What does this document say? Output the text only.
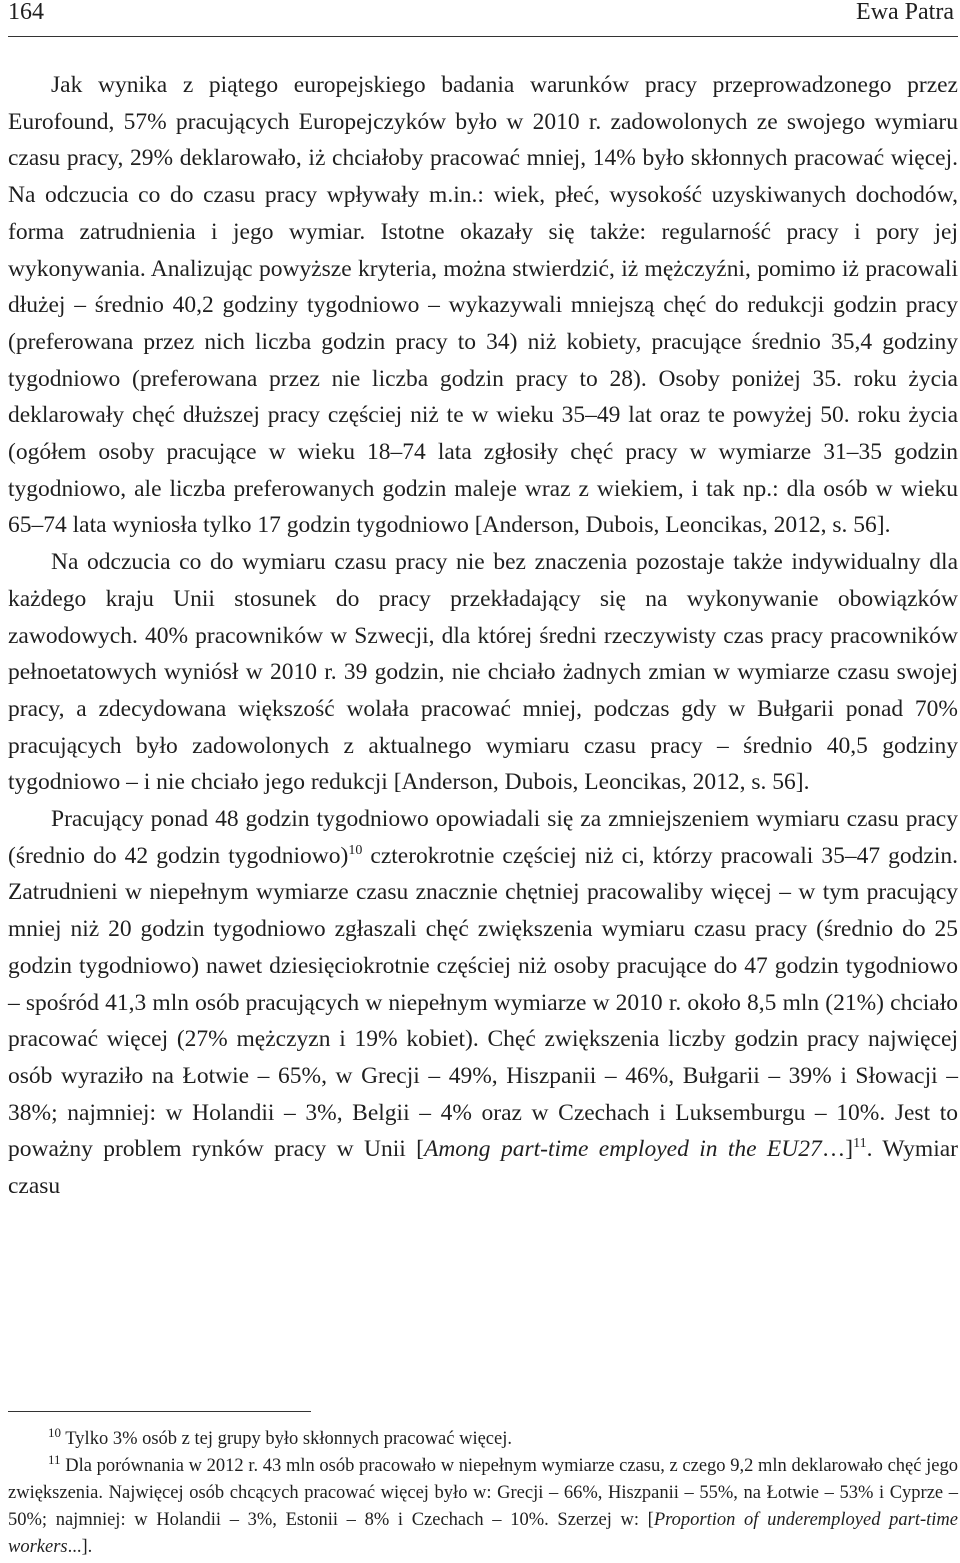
164	Ewa Patra

Jak wynika z piątego europejskiego badania warunków pracy przeprowadzonego przez Eurofound, 57% pracujących Europejczyków było w 2010 r. zadowolonych ze swojego wymiaru czasu pracy, 29% deklarowało, iż chciałoby pracować mniej, 14% było skłonnych pracować więcej. Na odczucia co do czasu pracy wpływały m.in.: wiek, płeć, wysokość uzyskiwanych dochodów, forma zatrudnienia i jego wymiar. Istotne okazały się także: regularność pracy i pory jej wykonywania. Analizując powyższe kryteria, można stwierdzić, iż mężczyźni, pomimo iż pracowali dłużej – średnio 40,2 godziny tygodniowo – wykazywali mniejszą chęć do redukcji godzin pracy (preferowana przez nich liczba godzin pracy to 34) niż kobiety, pracujące średnio 35,4 godziny tygodniowo (preferowana przez nie liczba godzin pracy to 28). Osoby poniżej 35. roku życia deklarowały chęć dłuższej pracy częściej niż te w wieku 35–49 lat oraz te powyżej 50. roku życia (ogółem osoby pracujące w wieku 18–74 lata zgłosiły chęć pracy w wymiarze 31–35 godzin tygodniowo, ale liczba preferowanych godzin maleje wraz z wiekiem, i tak np.: dla osób w wieku 65–74 lata wyniosła tylko 17 godzin tygodniowo [Anderson, Dubois, Leoncikas, 2012, s. 56].

Na odczucia co do wymiaru czasu pracy nie bez znaczenia pozostaje także indywidualny dla każdego kraju Unii stosunek do pracy przekładający się na wykonywanie obowiązków zawodowych. 40% pracowników w Szwecji, dla której średni rzeczywisty czas pracy pracowników pełnoetatowych wyniósł w 2010 r. 39 godzin, nie chciało żadnych zmian w wymiarze czasu swojej pracy, a zdecydowana większość wolała pracować mniej, podczas gdy w Bułgarii ponad 70% pracujących było zadowolonych z aktualnego wymiaru czasu pracy – średnio 40,5 godziny tygodniowo – i nie chciało jego redukcji [Anderson, Dubois, Leoncikas, 2012, s. 56].

Pracujący ponad 48 godzin tygodniowo opowiadali się za zmniejszeniem wymiaru czasu pracy (średnio do 42 godzin tygodniowo)$^{10}$ czterokrotnie częściej niż ci, którzy pracowali 35–47 godzin. Zatrudnieni w niepełnym wymiarze czasu znacznie chętniej pracowaliby więcej – w tym pracujący mniej niż 20 godzin tygodniowo zgłaszali chęć zwiększenia wymiaru czasu pracy (średnio do 25 godzin tygodniowo) nawet dziesięciokrotnie częściej niż osoby pracujące do 47 godzin tygodniowo – spośród 41,3 mln osób pracujących w niepełnym wymiarze w 2010 r. około 8,5 mln (21%) chciało pracować więcej (27% mężczyzn i 19% kobiet). Chęć zwiększenia liczby godzin pracy najwięcej osób wyraziło na Łotwie – 65%, w Grecji – 49%, Hiszpanii – 46%, Bułgarii – 39% i Słowacji – 38%; najmniej: w Holandii – 3%, Belgii – 4% oraz w Czechach i Luksemburgu – 10%. Jest to poważny problem rynków pracy w Unii [Among part-time employed in the EU27…]$^{11}$. Wymiar czasu

$^{10}$ Tylko 3% osób z tej grupy było skłonnych pracować więcej.

$^{11}$ Dla porównania w 2012 r. 43 mln osób pracowało w niepełnym wymiarze czasu, z czego 9,2 mln deklarowało chęć jego zwiększenia. Najwięcej osób chcących pracować więcej było w: Grecji – 66%, Hiszpanii – 55%, na Łotwie – 53% i Cyprze – 50%; najmniej: w Holandii – 3%, Estonii – 8% i Czechach – 10%. Szerzej w: [Proportion of underemployed part-time workers...].
